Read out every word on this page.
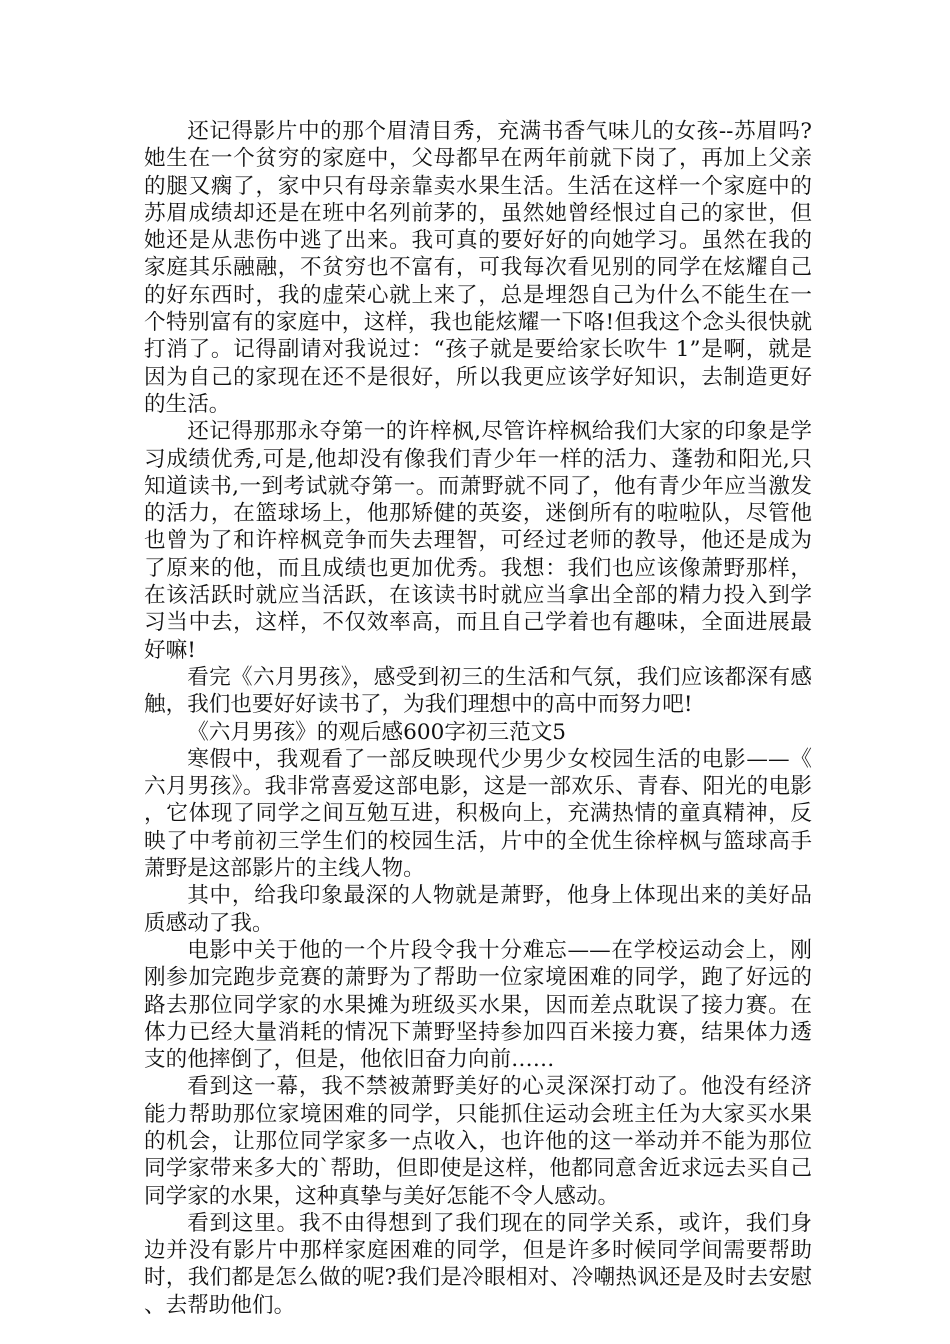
还记得影片中的那个眉清目秀，充满书香气味儿的女孩--苏眉吗?她生在一个贫穷的家庭中，父母都早在两年前就下岗了，再加上父亲的腿又瘸了，家中只有母亲靠卖水果生活。生活在这样一个家庭中的苏眉成绩却还是在班中名列前茅的，虽然她曾经恨过自己的家世，但她还是从悲伤中逃了出来。我可真的要好好的向她学习。虽然在我的家庭其乐融融，不贫穷也不富有，可我每次看见别的同学在炫耀自己的好东西时，我的虚荣心就上来了，总是埋怨自己为什么不能生在一个特别富有的家庭中，这样，我也能炫耀一下咯!但我这个念头很快就打消了。记得副请对我说过：“孩子就是要给家长吹牛 1”是啊，就是因为自己的家现在还不是很好，所以我更应该学好知识，去制造更好的生活。

还记得那那永夺第一的许梓枫,尽管许梓枫给我们大家的印象是学习成绩优秀,可是,他却没有像我们青少年一样的活力、蓬勃和阳光,只知道读书,一到考试就夺第一。而萧野就不同了，他有青少年应当激发的活力，在篮球场上，他那矫健的英姿，迷倒所有的啦啦队，尽管他也曾为了和许梓枫竞争而失去理智，可经过老师的教导，他还是成为了原来的他，而且成绩也更加优秀。我想：我们也应该像萧野那样，在该活跃时就应当活跃，在该读书时就应当拿出全部的精力投入到学习当中去，这样，不仅效率高，而且自己学着也有趣味，全面进展最好嘛!

看完《六月男孩》，感受到初三的生活和气氛，我们应该都深有感触，我们也要好好读书了，为我们理想中的高中而努力吧!

《六月男孩》的观后感600字初三范文5

寒假中，我观看了一部反映现代少男少女校园生活的电影——《六月男孩》。我非常喜爱这部电影，这是一部欢乐、青春、阳光的电影，它体现了同学之间互勉互进，积极向上，充满热情的童真精神，反映了中考前初三学生们的校园生活，片中的全优生徐梓枫与篮球高手萧野是这部影片的主线人物。

其中，给我印象最深的人物就是萧野，他身上体现出来的美好品质感动了我。

电影中关于他的一个片段令我十分难忘——在学校运动会上，刚刚参加完跑步竞赛的萧野为了帮助一位家境困难的同学，跑了好远的路去那位同学家的水果摊为班级买水果，因而差点耽误了接力赛。在体力已经大量消耗的情况下萧野坚持参加四百米接力赛，结果体力透支的他摔倒了，但是，他依旧奋力向前……

看到这一幕，我不禁被萧野美好的心灵深深打动了。他没有经济能力帮助那位家境困难的同学，只能抓住运动会班主任为大家买水果的机会，让那位同学家多一点收入，也许他的这一举动并不能为那位同学家带来多大的`帮助，但即使是这样，他都同意舍近求远去买自己同学家的水果，这种真挚与美好怎能不令人感动。

看到这里。我不由得想到了我们现在的同学关系，或许，我们身边并没有影片中那样家庭困难的同学，但是许多时候同学间需要帮助时，我们都是怎么做的呢?我们是冷眼相对、冷嘲热讽还是及时去安慰、去帮助他们。
